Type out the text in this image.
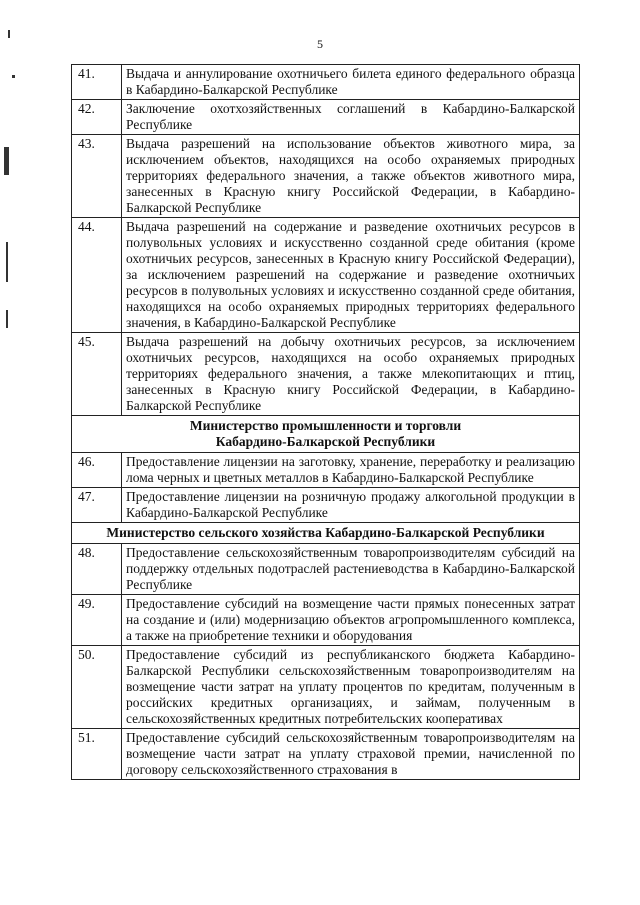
5
41.	Выдача и аннулирование охотничьего билета единого федерального образца в Кабардино-Балкарской Республике
42.	Заключение охотхозяйственных соглашений в Кабардино-Балкарской Республике
43.	Выдача разрешений на использование объектов животного мира, за исключением объектов, находящихся на особо охраняемых природных территориях федерального значения, а также объектов животного мира, занесенных в Красную книгу Российской Федерации, в Кабардино-Балкарской Республике
44.	Выдача разрешений на содержание и разведение охотничьих ресурсов в полувольных условиях и искусственно созданной среде обитания (кроме охотничьих ресурсов, занесенных в Красную книгу Российской Федерации), за исключением разрешений на содержание и разведение охотничьих ресурсов в полувольных условиях и искусственно созданной среде обитания, находящихся на особо охраняемых природных территориях федерального значения, в Кабардино-Балкарской Республике
45.	Выдача разрешений на добычу охотничьих ресурсов, за исключением охотничьих ресурсов, находящихся на особо охраняемых природных территориях федерального значения, а также млекопитающих и птиц, занесенных в Красную книгу Российской Федерации, в Кабардино-Балкарской Республике
Министерство промышленности и торговли
Кабардино-Балкарской Республики	
46.	Предоставление лицензии на заготовку, хранение, переработку и реализацию лома черных и цветных металлов в Кабардино-Балкарской Республике
47.	Предоставление лицензии на розничную продажу алкогольной продукции в Кабардино-Балкарской Республике
Министерство сельского хозяйства Кабардино-Балкарской Республики	
48.	Предоставление сельскохозяйственным товаропроизводителям субсидий на поддержку отдельных подотраслей растениеводства в Кабардино-Балкарской Республике
49.	Предоставление субсидий на возмещение части прямых понесенных затрат на создание и (или) модернизацию объектов агропромышленного комплекса, а также на приобретение техники и оборудования
50.	Предоставление субсидий из республиканского бюджета Кабардино-Балкарской Республики сельскохозяйственным товаропроизводителям на возмещение части затрат на уплату процентов по кредитам, полученным в российских кредитных организациях, и займам, полученным в сельскохозяйственных кредитных потребительских кооперативах
51.	Предоставление субсидий сельскохозяйственным товаропроизводителям на возмещение части затрат на уплату страховой премии, начисленной по договору сельскохозяйственного страхования в
